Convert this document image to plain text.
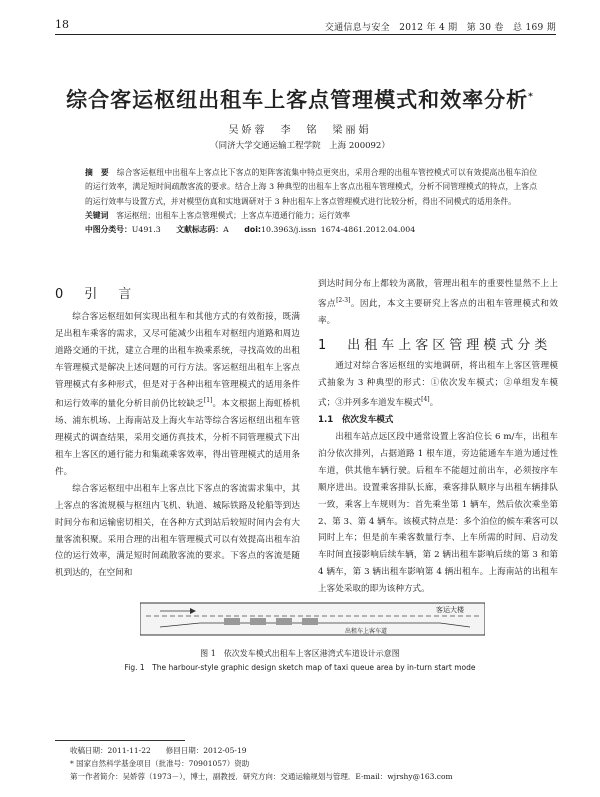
18	交通信息与安全　2012 年 4 期　第 30 卷　总 169 期
综合客运枢纽出租车上客点管理模式和效率分析*
吴娇蓉　李　铭　梁丽娟
（同济大学交通运输工程学院　上海 200092）

摘　要　 综合客运枢纽中出租车上客点比下客点的矩阵客流集中特点更突出，采用合理的出租车管控模式可以有效提高出租车泊位的运行效率，满足短时间疏散客流的要求。结合上海 3 种典型的出租车上客点出租车管理模式，分析不同管理模式的特点，上客点的运行效率与设置方式，并对模型仿真和实地调研对于 3 种出租车上客点管理模式进行比较分析，得出不同模式的适用条件。

关键词　 客运枢纽；出租车上客点管理模式；上客点车道通行能力；运行效率

中图分类号：U491.3　　 文献标志码：A　　 doi:10.3963/j.issn 1674-4861.2012.04.004

0　引　言

综合客运枢纽如何实现出租车和其他方式的有效衔接，既满足出租车乘客的需求，又尽可能减少出租车对枢纽内道路和周边道路交通的干扰，建立合理的出租车换乘系统，寻找高效的出租车管理模式是解决上述问题的可行方法。客运枢纽出租车上客点管理模式有多种形式，但是对于各种出租车管理模式的适用条件和运行效率的量化分析目前仍比较缺乏[1]。本文根据上海虹桥机场、浦东机场、上海南站及上海火车站等综合客运枢纽出租车管理模式的调查结果，采用交通仿真技术，分析不同管理模式下出租车上客区的通行能力和集疏乘客效率，得出管理模式的适用条件。

综合客运枢纽中出租车上客点比下客点的客流需求集中，其上客点的客流规模与枢纽内飞机、轨道、城际铁路及轮船等到达时间分布和运输密切相关，在各种方式到站后较短时间内会有大量客流积聚。采用合理的出租车管理模式可以有效提高出租车泊位的运行效率，满足短时间疏散客流的要求。下客点的客流是随机到达的，在空间和

到达时间分布上都较为离散，管理出租车的重要性显然不上上客点[2-3]。因此，本文主要研究上客点的出租车管理模式和效率。

1　出租车上客区管理模式分类

通过对综合客运枢纽的实地调研，将出租车上客区管理模式抽象为 3 种典型的形式：①依次发车模式；②单组发车模式；③并列多车道发车模式[4]。

1.1　依次发车模式

出租车站点远区段中通常设置上客泊位长 6 m/车，出租车泊分依次排列，占据道路 1 根车道，旁边能通车车道为通过性车道，供其他车辆行驶。后租车不能超过前出车，必须按序车顺序进出。设置乘客排队长廊，乘客排队顺序与出租车辆排队一致，乘客上车规则为：首先乘坐第 1 辆车，然后依次乘坐第 2、第 3、第 4 辆车。该模式特点是：多个泊位的候车乘客可以同时上车；但是前车乘客数量行李、上车所需的时间、启动发车时间直接影响后续车辆，第 2 辆出租车影响后续的第 3 和第 4 辆车，第 3 辆出租车影响第 4 辆出租车。上海南站的出租车上客处采取的即为该种方式。

客运大楼
出租车上客车道
图 1　依次发车模式出租车上客区港湾式车道设计示意图
Fig. 1　The harbour-style graphic design sketch map of taxi queue area by in-turn start mode
收稿日期：2011-11-22　　 修回日期：2012-05-19
* 国家自然科学基金项目（批准号：70901057）资助
第一作者简介：吴娇蓉（1973－），博士，副教授．研究方向：交通运输规划与管理．E-mail：wjrshy@163.com
